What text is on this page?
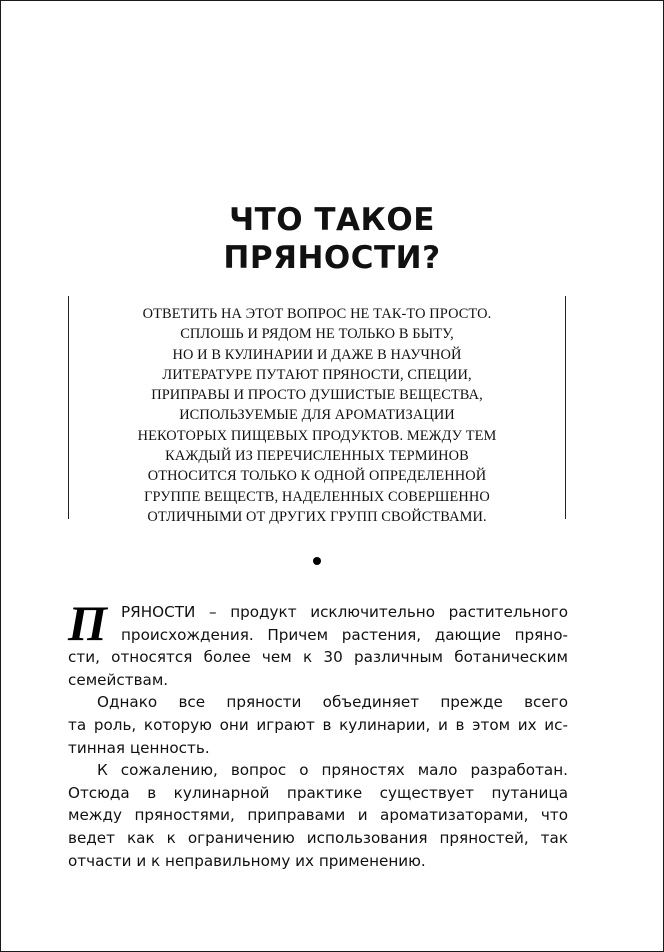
ЧТО ТАКОЕ
ПРЯНОСТИ?

ОТВЕТИТЬ НА ЭТОТ ВОПРОС НЕ ТАК-ТО ПРОСТО.
СПЛОШЬ И РЯДОМ НЕ ТОЛЬКО В БЫТУ,
НО И В КУЛИНАРИИ И ДАЖЕ В НАУЧНОЙ
ЛИТЕРАТУРЕ ПУТАЮТ ПРЯНОСТИ, СПЕЦИИ,
ПРИПРАВЫ И ПРОСТО ДУШИСТЫЕ ВЕЩЕСТВА,
ИСПОЛЬЗУЕМЫЕ ДЛЯ АРОМАТИЗАЦИИ
НЕКОТОРЫХ ПИЩЕВЫХ ПРОДУКТОВ. МЕЖДУ ТЕМ
КАЖДЫЙ ИЗ ПЕРЕЧИСЛЕННЫХ ТЕРМИНОВ
ОТНОСИТСЯ ТОЛЬКО К ОДНОЙ ОПРЕДЕЛЕННОЙ
ГРУППЕ ВЕЩЕСТВ, НАДЕЛЕННЫХ СОВЕРШЕННО
ОТЛИЧНЫМИ ОТ ДРУГИХ ГРУПП СВОЙСТВАМИ.

П РЯНОСТИ – продукт исключительно растительного
происхождения. Причем растения, дающие пряно-
сти, относятся более чем к 30 различным ботаническим
семействам.
Однако все пряности объединяет прежде всего
та роль, которую они играют в кулинарии, и в этом их ис-
тинная ценность.
К сожалению, вопрос о пряностях мало разработан.
Отсюда в кулинарной практике существует путаница
между пряностями, приправами и ароматизаторами, что
ведет как к ограничению использования пряностей, так
отчасти и к неправильному их применению.
